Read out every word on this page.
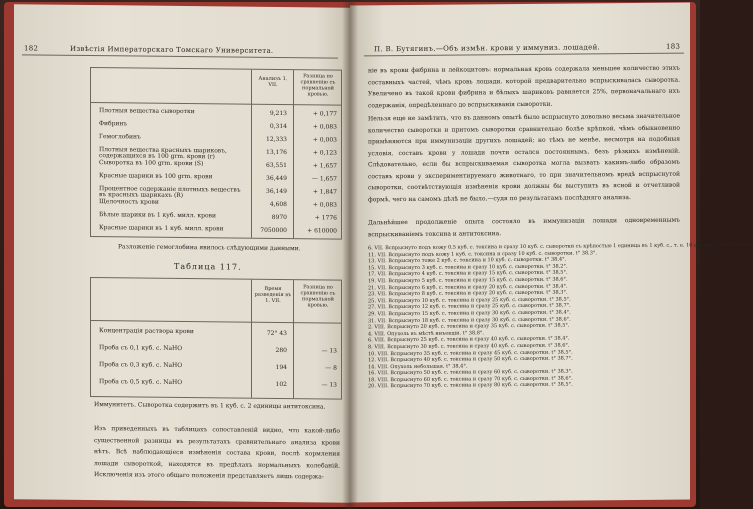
182	Извѣстія Императорскаго Томскаго Университета.
Анализъ 1. VII.
Разница по сравненію съ нормальной кровью.
Плотныя вещества сыворотки	9,213	+ 0,177
Фибринъ	0,314	+ 0,083
Гемоглобинъ	12,333	+ 0,003
Плотныя вещества красныхъ шариковъ, содержащихся въ 100 grm. крови (r)	13,176	+ 0,123
Сыворотка въ 100 grm. крови (S)	63,551	+ 1,657
Красные шарики въ 100 grm. крови	36,449	— 1,657
Процентное содержаніе плотныхъ веществъ въ красныхъ шарикахъ (R)	36,149	+ 1,847
Щелочность крови	4,608	+ 0,083
Бѣлые шарики въ 1 куб. милл. крови	8970	+ 1776
Красные шарики въ 1 куб. милл. крови	7050000	+ 610000
Разложеніе гемоглобина явилось слѣдующими данными.
Таблица 117.
Время разведенія въ 1. VII.
Разница по сравненію съ нормальной кровью.
Концентрація раствора крови	72° 43
Проба съ 0,1 куб. с. NaHO	280	— 13
Проба съ 0,3 куб. с. NaHO	194	— 8
Проба съ 0,5 куб. с. NaHO	102	— 13
Иммунитетъ. Сыворотка содержитъ въ 1 куб. с. 2 единицы антитоксина.
Изъ приведенныхъ въ таблицахъ сопоставленій видно, что какой-либо существенной разницы въ результатахъ сравнительнаго анализа крови нѣтъ. Всѣ наблюдающіеся измѣненія состава крови, послѣ кормления лошади сывороткой, находятся въ предѣлахъ нормальныхъ колебаній. Исключенія изъ этого общаго положенія представляетъ лишь содержа-
П. В. Бутягинъ.—Объ измѣн. крови у иммуниз. лошадей.	183
ніе въ крови фибрина и лейкоцитовъ: нормальная кровь содержала меньшее количество этихъ составныхъ частей, чѣмъ кровь лошади, которой предварительно вспрыскивалась сыворотка. Увеличено въ такой крови фибрина и бѣлыхъ шариковъ равняется 25%, первоначальнаго ихъ содержанія, опредѣленнаго до вспрыскиванія сыворотки.
Нельзя еще не замѣтить, что въ данномъ опытѣ было вспрыснуто довольно весьма значительное количество сыворотки и притомъ сыворотки сравнительно болѣе крѣпкой, чѣмъ обыкновенно примѣняются при иммунизаціи другихъ лошадей; но тѣмъ не менѣе, несмотря на подобныя условія, составъ крови у лошади почти остался постояннымъ, безъ рѣзкихъ измѣненій. Слѣдовательно, если бы вспрыскиваемая сыворотка могла вызвать какимъ-либо образомъ составъ крови у экспериментируемаго животнаго, то при значительномъ вредѣ вспрыснутой сыворотки, соотвѣтствующія измѣненія крови должны бы выступить въ ясной и отчетливой формѣ, чего на самомъ дѣлѣ не было,—судя по результатамъ послѣдняго анализа.
Дальнѣйшее продолженіе опыта состояло въ иммунизаціи лошади одновременнымъ вспрыскиваніемъ токсина и антитоксина.
6. VII. Вспрыснуто подъ кожу 0,5 куб. с. токсина и сразу 10 куб. с. сыворотки съ крѣпостью 1 единица въ 1 куб. с., т. е. 10 единицъ антитоксина.
11. VII. Вспрыснуто подъ кожу 1 куб. с. токсина и сразу 10 куб. с. сыворотки. t° 38,3°.
13. VII. Вспрыснуто тоже 2 куб. с. токсина и 10 куб. с. сыворотки. t° 38,4°.
15. VII. Вспрыснуто 3 куб. с. токсина и сразу 10 куб. с. сыворотки. t° 38,2°.
17. VII. Вспрыснуто 4 куб. с. токсина и сразу 15 куб. с. сыворотки. t° 38,5°.
19. VII. Вспрыснуто 5 куб. с. токсина и сразу 15 куб. с. сыворотки. t° 38,6°.
21. VII. Вспрыснуто 6 куб. с. токсина и сразу 20 куб. с. сыворотки. t° 38,4°.
23. VII. Вспрыснуто 8 куб. с. токсина и сразу 20 куб. с. сыворотки. t° 38,3°.
25. VII. Вспрыснуто 10 куб. с. токсина и сразу 25 куб. с. сыворотки. t° 38,5°.
27. VII. Вспрыснуто 12 куб. с. токсина и сразу 25 куб. с. сыворотки. t° 38,7°.
29. VII. Вспрыснуто 15 куб. с. токсина и сразу 30 куб. с. сыворотки. t° 38,4°.
31. VII. Вспрыснуто 18 куб. с. токсина и сразу 30 куб. с. сыворотки. t° 38,6°.
2. VIII. Вспрыснуто 20 куб. с. токсина и сразу 35 куб. с. сыворотки. t° 38,5°.
4. VIII. Опухоль въ мѣстѣ инъекціи. t° 38,8°.
6. VIII. Вспрыснуто 25 куб. с. токсина и сразу 40 куб. с. сыворотки. t° 38,4°.
8. VIII. Вспрыснуто 30 куб. с. токсина и сразу 40 куб. с. сыворотки. t° 38,6°.
10. VIII. Вспрыснуто 35 куб. с. токсина и сразу 45 куб. с. сыворотки. t° 38,5°.
12. VIII. Вспрыснуто 40 куб. с. токсина и сразу 50 куб. с. сыворотки. t° 38,7°.
14. VIII. Опухоль небольшая. t° 38,4°.
16. VIII. Вспрыснуто 50 куб. с. токсина и сразу 60 куб. с. сыворотки. t° 38,3°.
18. VIII. Вспрыснуто 60 куб. с. токсина и сразу 70 куб. с. сыворотки. t° 38,6°.
20. VIII. Вспрыснуто 70 куб. с. токсина и сразу 80 куб. с. сыворотки. t° 38,5°.
